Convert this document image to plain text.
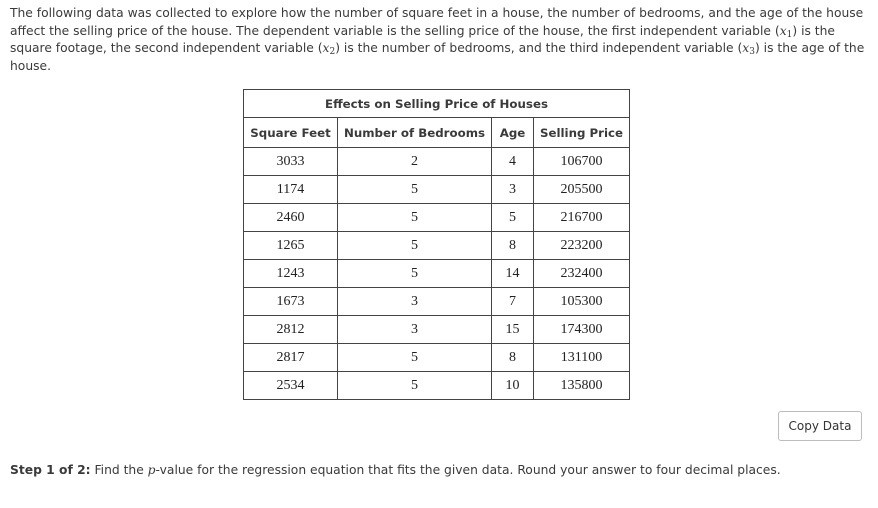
The following data was collected to explore how the number of square feet in a house, the number of bedrooms, and the age of the house affect the selling price of the house. The dependent variable is the selling price of the house, the first independent variable $(x_1)$ is the square footage, the second independent variable $(x_2)$ is the number of bedrooms, and the third independent variable $(x_3)$ is the age of the house.
Effects on Selling Price of Houses			
Square Feet	Number of Bedrooms	Age	Selling Price
3033	2	4	106700
1174	5	3	205500
2460	5	5	216700
1265	5	8	223200
1243	5	14	232400
1673	3	7	105300
2812	3	15	174300
2817	5	8	131100
2534	5	10	135800
Copy Data
Step 1 of 2: Find the p-value for the regression equation that fits the given data. Round your answer to four decimal places.
